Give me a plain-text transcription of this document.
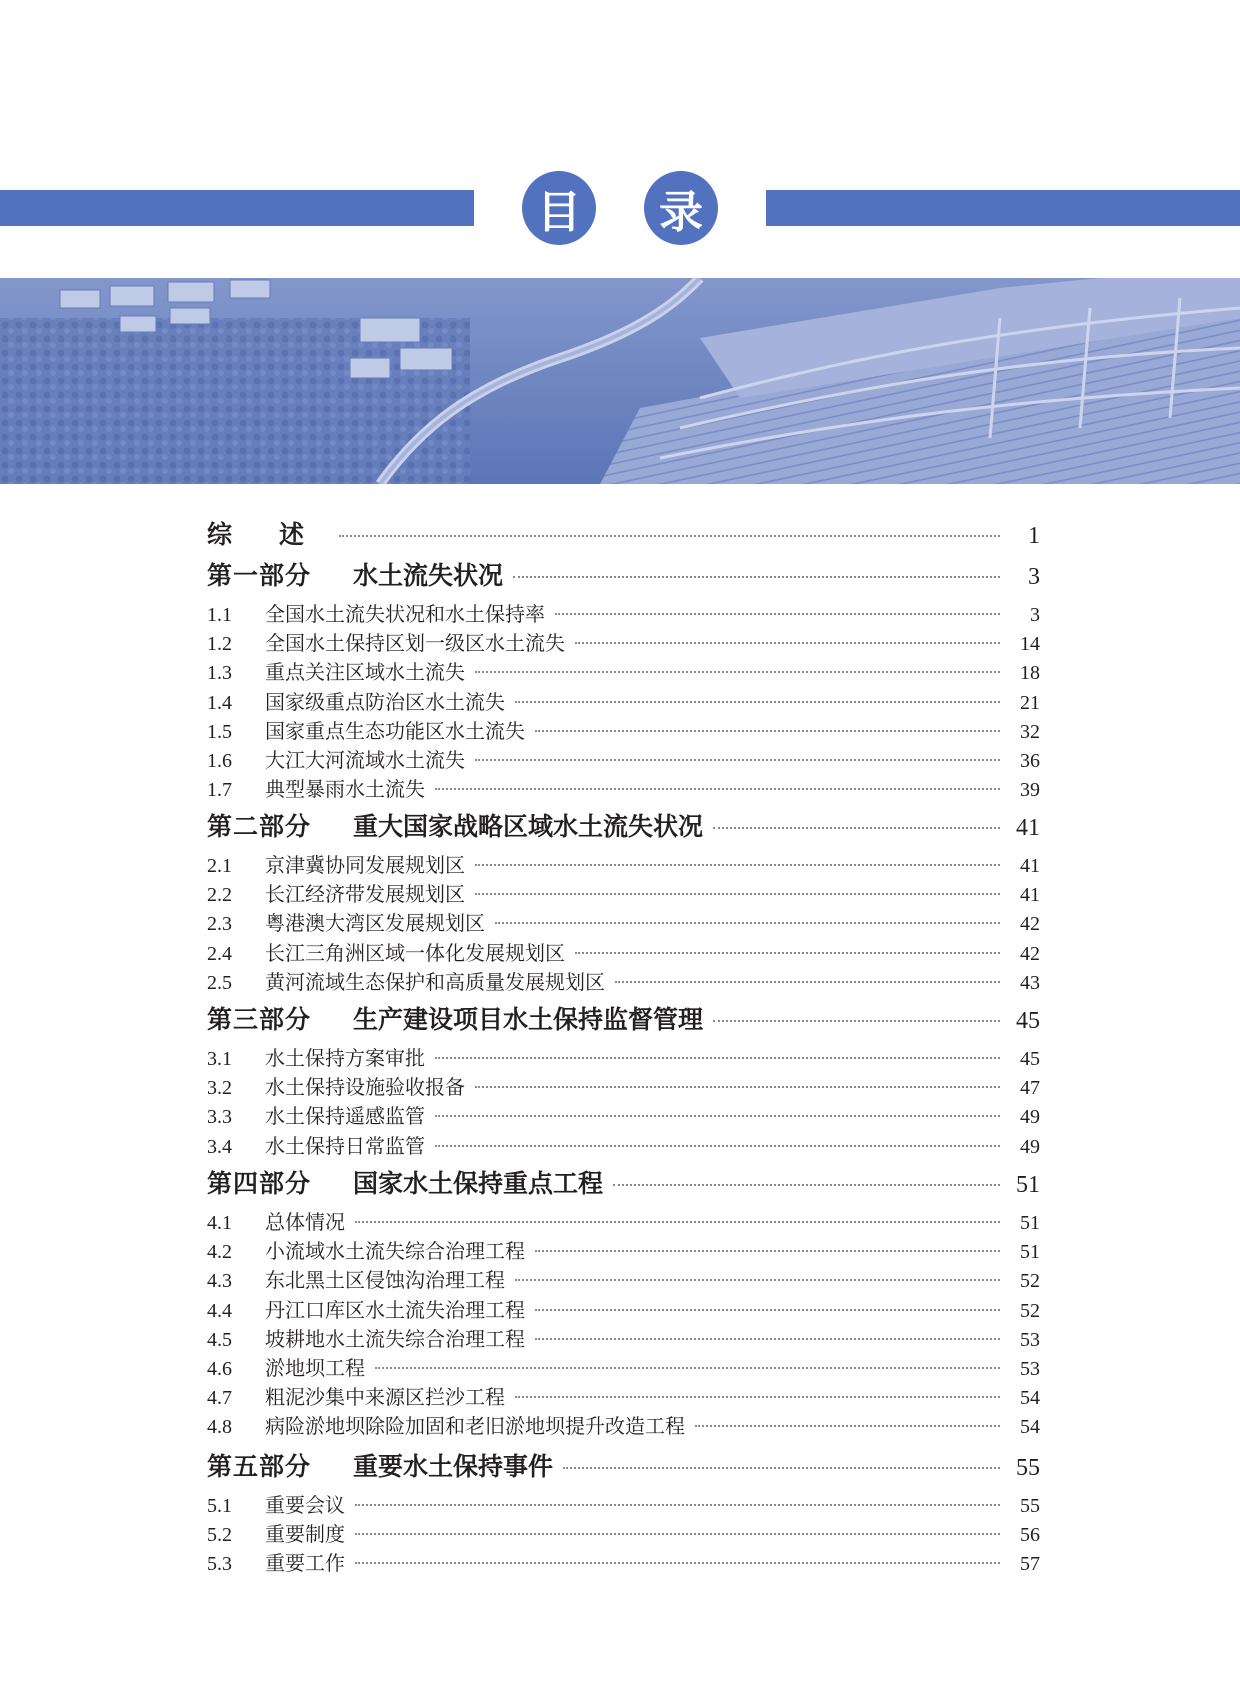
目	录
综 述	1
第一部分	水土流失状况	3
1.1	全国水土流失状况和水土保持率	3
1.2	全国水土保持区划一级区水土流失	14
1.3	重点关注区域水土流失	18
1.4	国家级重点防治区水土流失	21
1.5	国家重点生态功能区水土流失	32
1.6	大江大河流域水土流失	36
1.7	典型暴雨水土流失	39
第二部分	重大国家战略区域水土流失状况	41
2.1	京津冀协同发展规划区	41
2.2	长江经济带发展规划区	41
2.3	粤港澳大湾区发展规划区	42
2.4	长江三角洲区域一体化发展规划区	42
2.5	黄河流域生态保护和高质量发展规划区	43
第三部分	生产建设项目水土保持监督管理	45
3.1	水土保持方案审批	45
3.2	水土保持设施验收报备	47
3.3	水土保持遥感监管	49
3.4	水土保持日常监管	49
第四部分	国家水土保持重点工程	51
4.1	总体情况	51
4.2	小流域水土流失综合治理工程	51
4.3	东北黑土区侵蚀沟治理工程	52
4.4	丹江口库区水土流失治理工程	52
4.5	坡耕地水土流失综合治理工程	53
4.6	淤地坝工程	53
4.7	粗泥沙集中来源区拦沙工程	54
4.8	病险淤地坝除险加固和老旧淤地坝提升改造工程	54
第五部分	重要水土保持事件	55
5.1	重要会议	55
5.2	重要制度	56
5.3	重要工作	57
